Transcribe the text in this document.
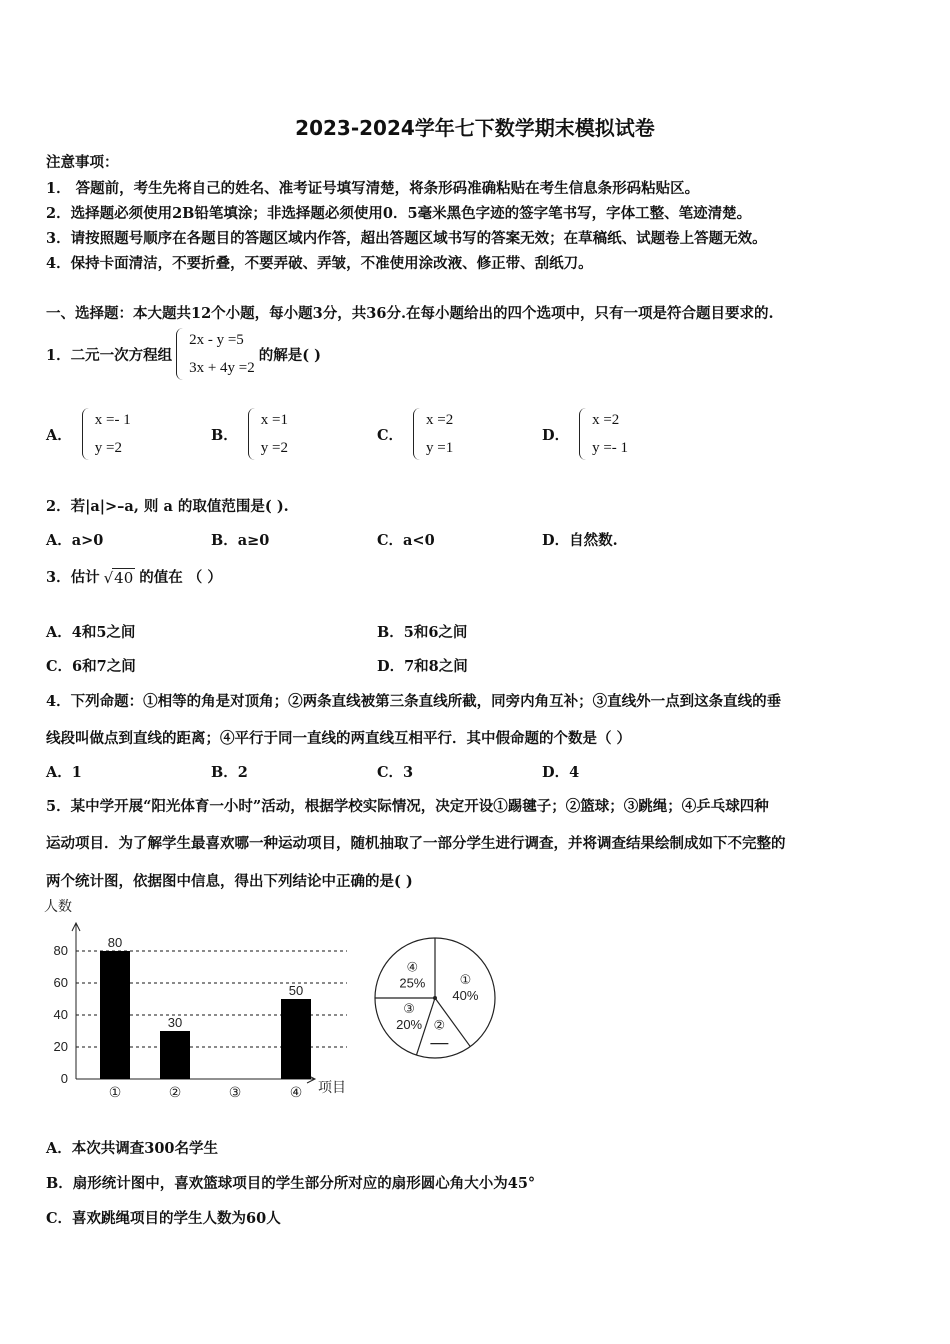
2023-2024学年七下数学期末模拟试卷
注意事项：
1． 答题前，考生先将自己的姓名、准考证号填写清楚，将条形码准确粘贴在考生信息条形码粘贴区。
2．选择题必须使用2B铅笔填涂；非选择题必须使用0．5毫米黑色字迹的签字笔书写，字体工整、笔迹清楚。
3．请按照题号顺序在各题目的答题区域内作答，超出答题区域书写的答案无效；在草稿纸、试题卷上答题无效。
4．保持卡面清洁，不要折叠，不要弄破、弄皱，不准使用涂改液、修正带、刮纸刀。
一、选择题：本大题共12个小题，每小题3分，共36分.在每小题给出的四个选项中，只有一项是符合题目要求的.
1．二元一次方程组
2x - y =5
3x + 4y =2
的解是( )
A．
x =- 1
y =2
B．
x =1
y =2
C．
x =2
y =1
D．
x =2
y =- 1
2．若|a|>–a, 则 a 的取值范围是( ).
A．a>0	B．a≥0	C．a<0	D．自然数.
3．估计 √40 的值在 （ ）
A．4和5之间	B．5和6之间
C．6和7之间	D．7和8之间
4．下列命题：①相等的角是对顶角；②两条直线被第三条直线所截，同旁内角互补；③直线外一点到这条直线的垂
线段叫做点到直线的距离；④平行于同一直线的两直线互相平行．其中假命题的个数是（ ）
A．1	B．2	C．3	D．4
5．某中学开展“阳光体育一小时”活动，根据学校实际情况，决定开设①踢毽子；②篮球；③跳绳；④乒乓球四种
运动项目．为了解学生最喜欢哪一种运动项目，随机抽取了一部分学生进行调查，并将调查结果绘制成如下不完整的
两个统计图，依据图中信息，得出下列结论中正确的是( )
人数
项目
0
20
40
60
80
80
①
30
②	③
50
④
①
40%
②
③
20%
④
25%
A．本次共调查300名学生
B．扇形统计图中，喜欢篮球项目的学生部分所对应的扇形圆心角大小为45°
C．喜欢跳绳项目的学生人数为60人
